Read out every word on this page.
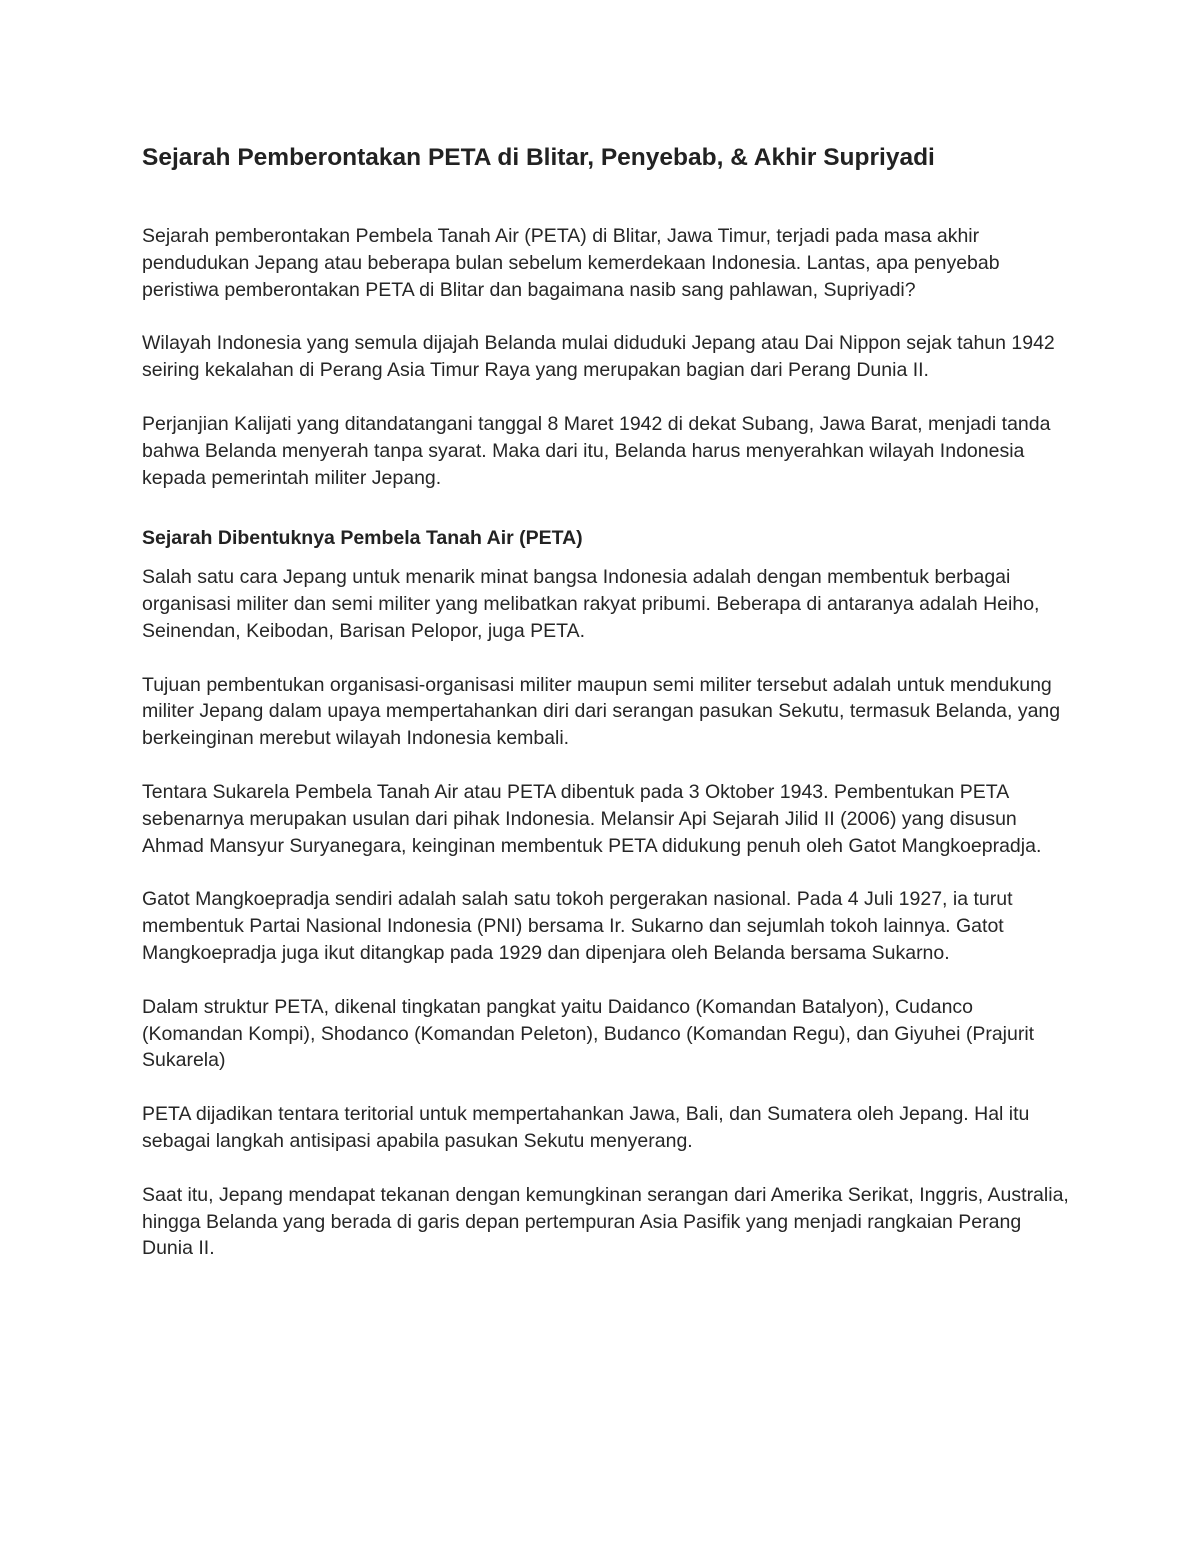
Sejarah Pemberontakan PETA di Blitar, Penyebab, & Akhir Supriyadi

Sejarah pemberontakan Pembela Tanah Air (PETA) di Blitar, Jawa Timur, terjadi pada masa akhir pendudukan Jepang atau beberapa bulan sebelum kemerdekaan Indonesia. Lantas, apa penyebab peristiwa pemberontakan PETA di Blitar dan bagaimana nasib sang pahlawan, Supriyadi?

Wilayah Indonesia yang semula dijajah Belanda mulai diduduki Jepang atau Dai Nippon sejak tahun 1942 seiring kekalahan di Perang Asia Timur Raya yang merupakan bagian dari Perang Dunia II.

Perjanjian Kalijati yang ditandatangani tanggal 8 Maret 1942 di dekat Subang, Jawa Barat, menjadi tanda bahwa Belanda menyerah tanpa syarat. Maka dari itu, Belanda harus menyerahkan wilayah Indonesia kepada pemerintah militer Jepang.

Sejarah Dibentuknya Pembela Tanah Air (PETA)

Salah satu cara Jepang untuk menarik minat bangsa Indonesia adalah dengan membentuk berbagai organisasi militer dan semi militer yang melibatkan rakyat pribumi. Beberapa di antaranya adalah Heiho, Seinendan, Keibodan, Barisan Pelopor, juga PETA.

Tujuan pembentukan organisasi-organisasi militer maupun semi militer tersebut adalah untuk mendukung militer Jepang dalam upaya mempertahankan diri dari serangan pasukan Sekutu, termasuk Belanda, yang berkeinginan merebut wilayah Indonesia kembali.

Tentara Sukarela Pembela Tanah Air atau PETA dibentuk pada 3 Oktober 1943. Pembentukan PETA sebenarnya merupakan usulan dari pihak Indonesia. Melansir Api Sejarah Jilid II (2006) yang disusun Ahmad Mansyur Suryanegara, keinginan membentuk PETA didukung penuh oleh Gatot Mangkoepradja.

Gatot Mangkoepradja sendiri adalah salah satu tokoh pergerakan nasional. Pada 4 Juli 1927, ia turut membentuk Partai Nasional Indonesia (PNI) bersama Ir. Sukarno dan sejumlah tokoh lainnya. Gatot Mangkoepradja juga ikut ditangkap pada 1929 dan dipenjara oleh Belanda bersama Sukarno.

Dalam struktur PETA, dikenal tingkatan pangkat yaitu Daidanco (Komandan Batalyon), Cudanco (Komandan Kompi), Shodanco (Komandan Peleton), Budanco (Komandan Regu), dan Giyuhei (Prajurit Sukarela)

PETA dijadikan tentara teritorial untuk mempertahankan Jawa, Bali, dan Sumatera oleh Jepang. Hal itu sebagai langkah antisipasi apabila pasukan Sekutu menyerang.

Saat itu, Jepang mendapat tekanan dengan kemungkinan serangan dari Amerika Serikat, Inggris, Australia, hingga Belanda yang berada di garis depan pertempuran Asia Pasifik yang menjadi rangkaian Perang Dunia II.
